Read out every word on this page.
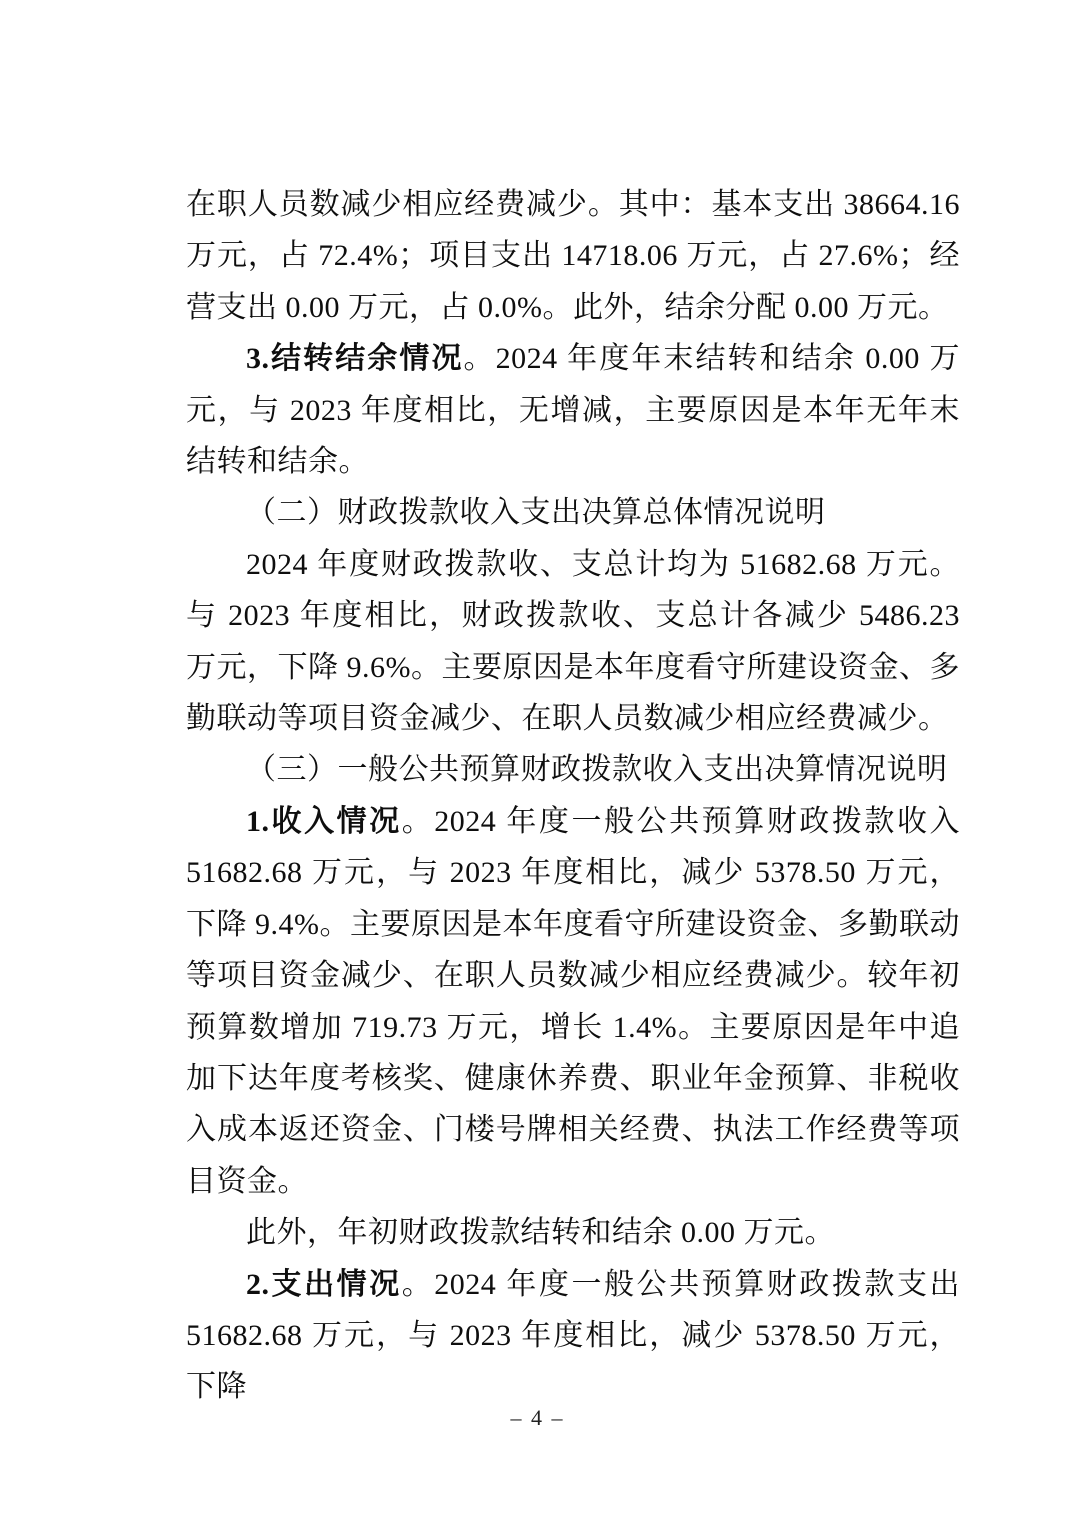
在职人员数减少相应经费减少。其中：基本支出 38664.16 万元，占 72.4%；项目支出 14718.06 万元，占 27.6%；经营支出 0.00 万元，占 0.0%。此外，结余分配 0.00 万元。

3.结转结余情况。2024 年度年末结转和结余 0.00 万元，与 2023 年度相比，无增减，主要原因是本年无年末结转和结余。

（二）财政拨款收入支出决算总体情况说明

2024 年度财政拨款收、支总计均为 51682.68 万元。与 2023 年度相比，财政拨款收、支总计各减少 5486.23 万元，下降 9.6%。主要原因是本年度看守所建设资金、多勤联动等项目资金减少、在职人员数减少相应经费减少。

（三）一般公共预算财政拨款收入支出决算情况说明

1.收入情况。2024 年度一般公共预算财政拨款收入 51682.68 万元，与 2023 年度相比，减少 5378.50 万元，下降 9.4%。主要原因是本年度看守所建设资金、多勤联动等项目资金减少、在职人员数减少相应经费减少。较年初预算数增加 719.73 万元，增长 1.4%。主要原因是年中追加下达年度考核奖、健康休养费、职业年金预算、非税收入成本返还资金、门楼号牌相关经费、执法工作经费等项目资金。

此外，年初财政拨款结转和结余 0.00 万元。

2.支出情况。2024 年度一般公共预算财政拨款支出 51682.68 万元，与 2023 年度相比，减少 5378.50 万元，下降

– 4 –
